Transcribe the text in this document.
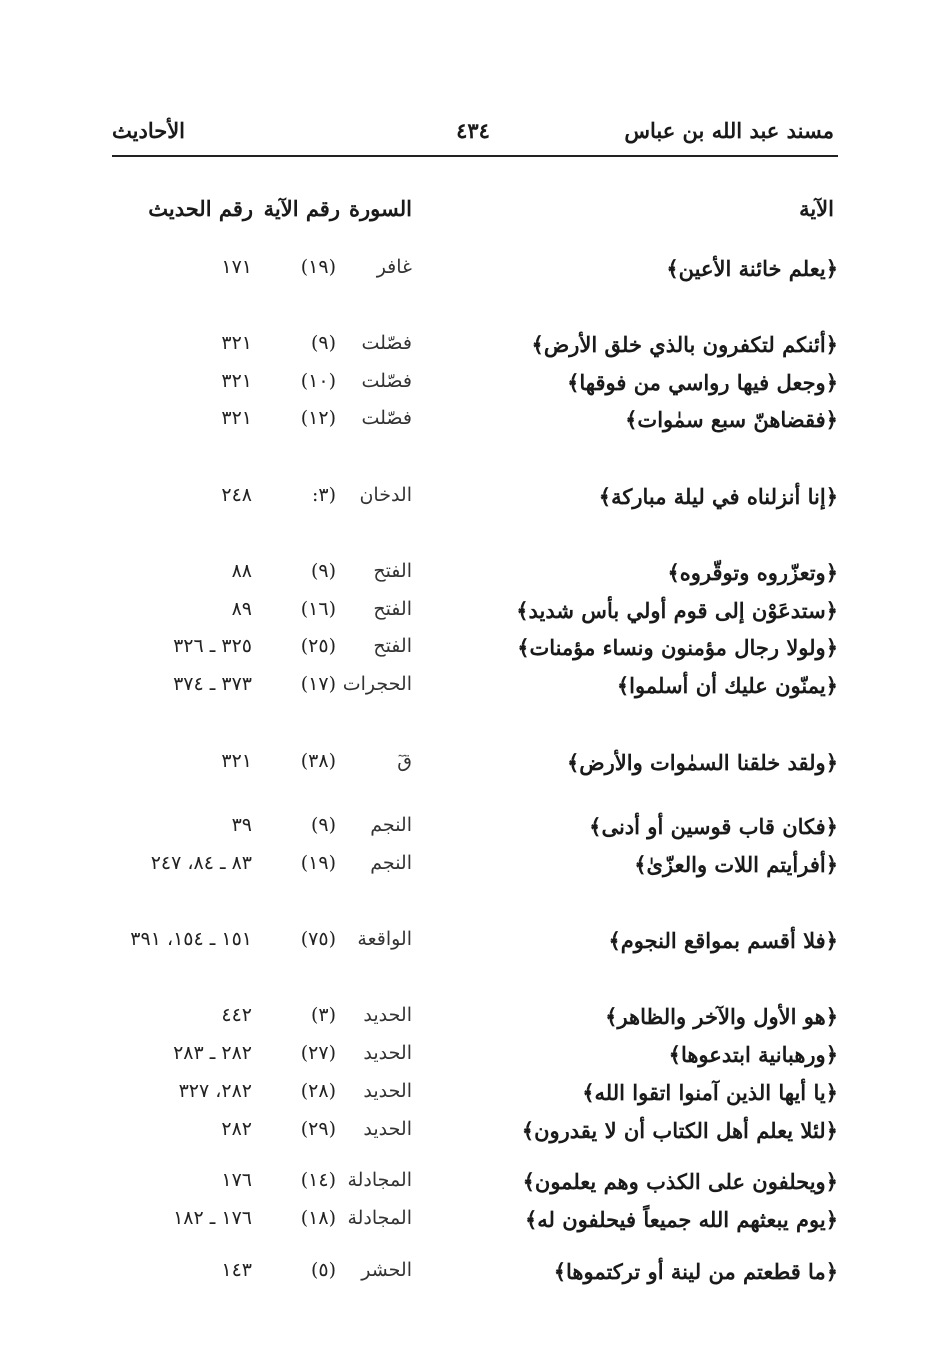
مسند عبد الله بن عباس
٤٣٤
الأحاديث
الآية
السورة
رقم الآية
رقم الحديث
﴿يعلم خائنة الأعين﴾
غافر
(١٩)
١٧١
﴿أئنكم لتكفرون بالذي خلق الأرض﴾
فصّلت
(٩)
٣٢١
﴿وجعل فيها رواسي من فوقها﴾
فصّلت
(١٠)
٣٢١
﴿فقضاهنّ سبع سمٰوات﴾
فصّلت
(١٢)
٣٢١
﴿إنا أنزلناه في ليلة مباركة﴾
الدخان
(٣:
٢٤٨
﴿وتعزّروه وتوقّروه﴾
الفتح
(٩)
٨٨
﴿ستدعَوْن إلى قوم أولي بأس شديد﴾
الفتح
(١٦)
٨٩
﴿ولولا رجال مؤمنون ونساء مؤمنات﴾
الفتح
(٢٥)
٣٢٥ ـ ٣٢٦
﴿يمنّون عليك أن أسلموا﴾
الحجرات
(١٧)
٣٧٣ ـ ٣٧٤
﴿ولقد خلقنا السمٰوات والأرض﴾
قٓ
(٣٨)
٣٢١
﴿فكان قاب قوسين أو أدنى﴾
النجم
(٩)
٣٩
﴿أفرأيتم اللات والعزّىٰ﴾
النجم
(١٩)
٨٣ ـ ٨٤، ٢٤٧
﴿فلا أقسم بمواقع النجوم﴾
الواقعة
(٧٥)
١٥١ ـ ١٥٤، ٣٩١
﴿هو الأول والآخر والظاهر﴾
الحديد
(٣)
٤٤٢
﴿ورهبانية ابتدعوها﴾
الحديد
(٢٧)
٢٨٢ ـ ٢٨٣
﴿يا أيها الذين آمنوا اتقوا الله﴾
الحديد
(٢٨)
٢٨٢، ٣٢٧
﴿لئلا يعلم أهل الكتاب أن لا يقدرون﴾
الحديد
(٢٩)
٢٨٢
﴿ويحلفون على الكذب وهم يعلمون﴾
المجادلة
(١٤)
١٧٦
﴿يوم يبعثهم الله جميعاً فيحلفون له﴾
المجادلة
(١٨)
١٧٦ ـ ١٨٢
﴿ما قطعتم من لينة أو تركتموها﴾
الحشر
(٥)
١٤٣
